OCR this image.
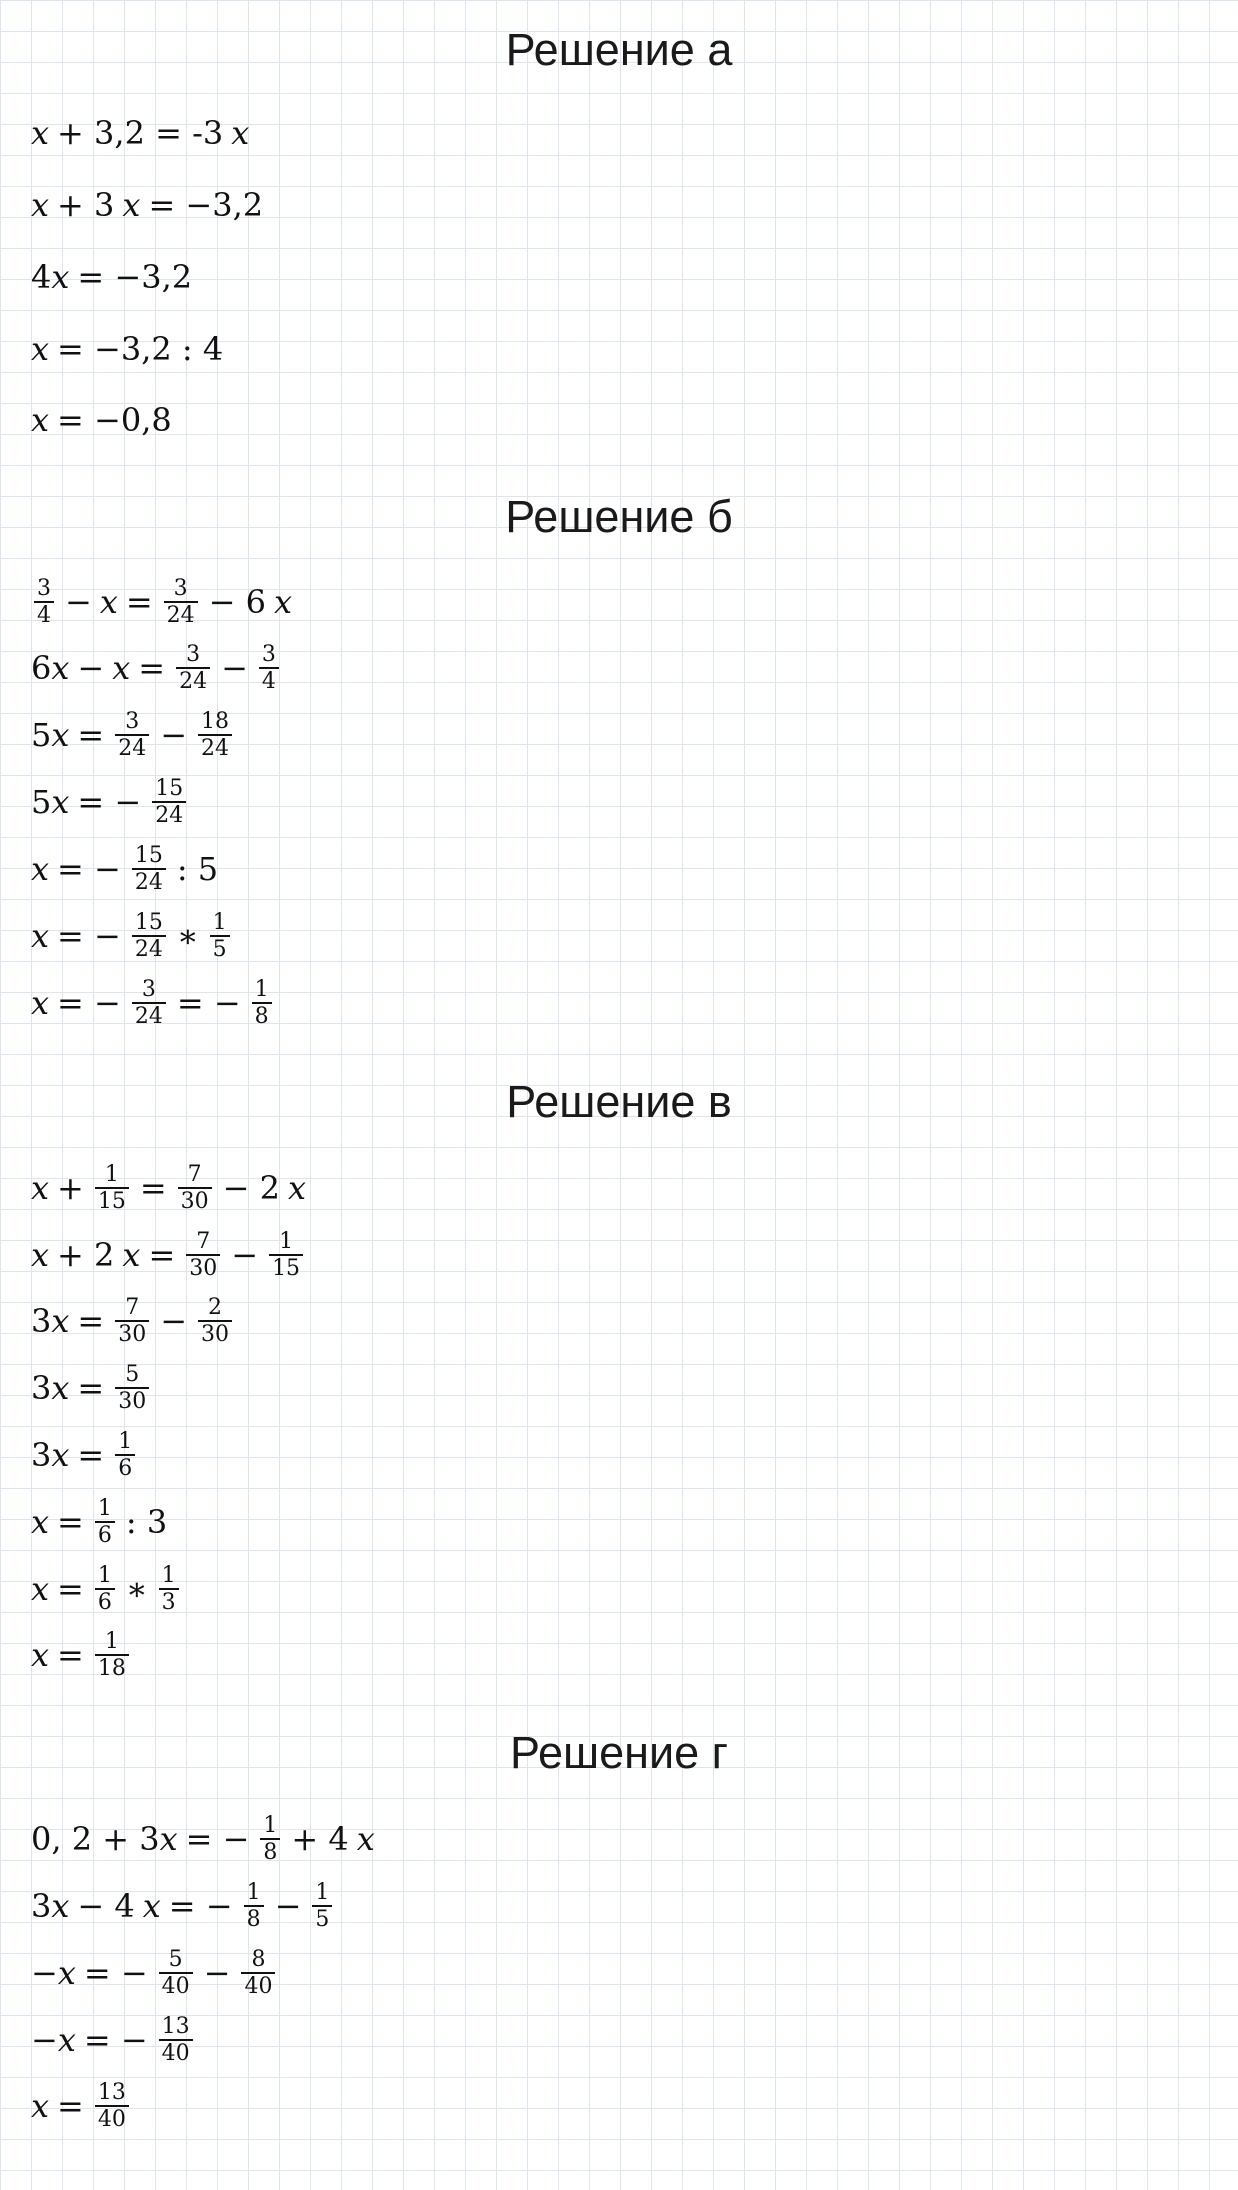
Решение а
x + 3,2 = -3 x
x + 3 x = −3,2
4 x = −3,2
x = −3,2 : 4
x = −0,8
Решение б
$\frac{3}{4} - x = \frac{3}{24} - 6$ x
6 $x - x = \frac{3}{24} - \frac{3}{4}$
5 $x = \frac{3}{24} - \frac{18}{24}$
5 x = − $\frac{15}{24}$
x = − $\frac{15}{24}$ : 5
x = − $\frac{15}{24}$ ∗ $\frac{1}{5}$
x = − $\frac{3}{24}$ = − $\frac{1}{8}$
Решение в
$x + \frac{1}{15} = \frac{7}{30} - 2$ x
x + 2 $x = \frac{7}{30} - \frac{1}{15}$
3 $x = \frac{7}{30} - \frac{2}{30}$
3 $x = \frac{5}{30}$
3 $x = \frac{1}{6}$
$x = \frac{1}{6}$ : 3
$x = \frac{1}{6}$ ∗ $\frac{1}{3}$
$x = \frac{1}{18}$
Решение г
0, 2 + 3 x = − $\frac{1}{8} + 4$ x
3 x − 4 x = − $\frac{1}{8} - \frac{1}{5}$
− x = − $\frac{5}{40} - \frac{8}{40}$
− x = − $\frac{13}{40}$
$x = \frac{13}{40}$
